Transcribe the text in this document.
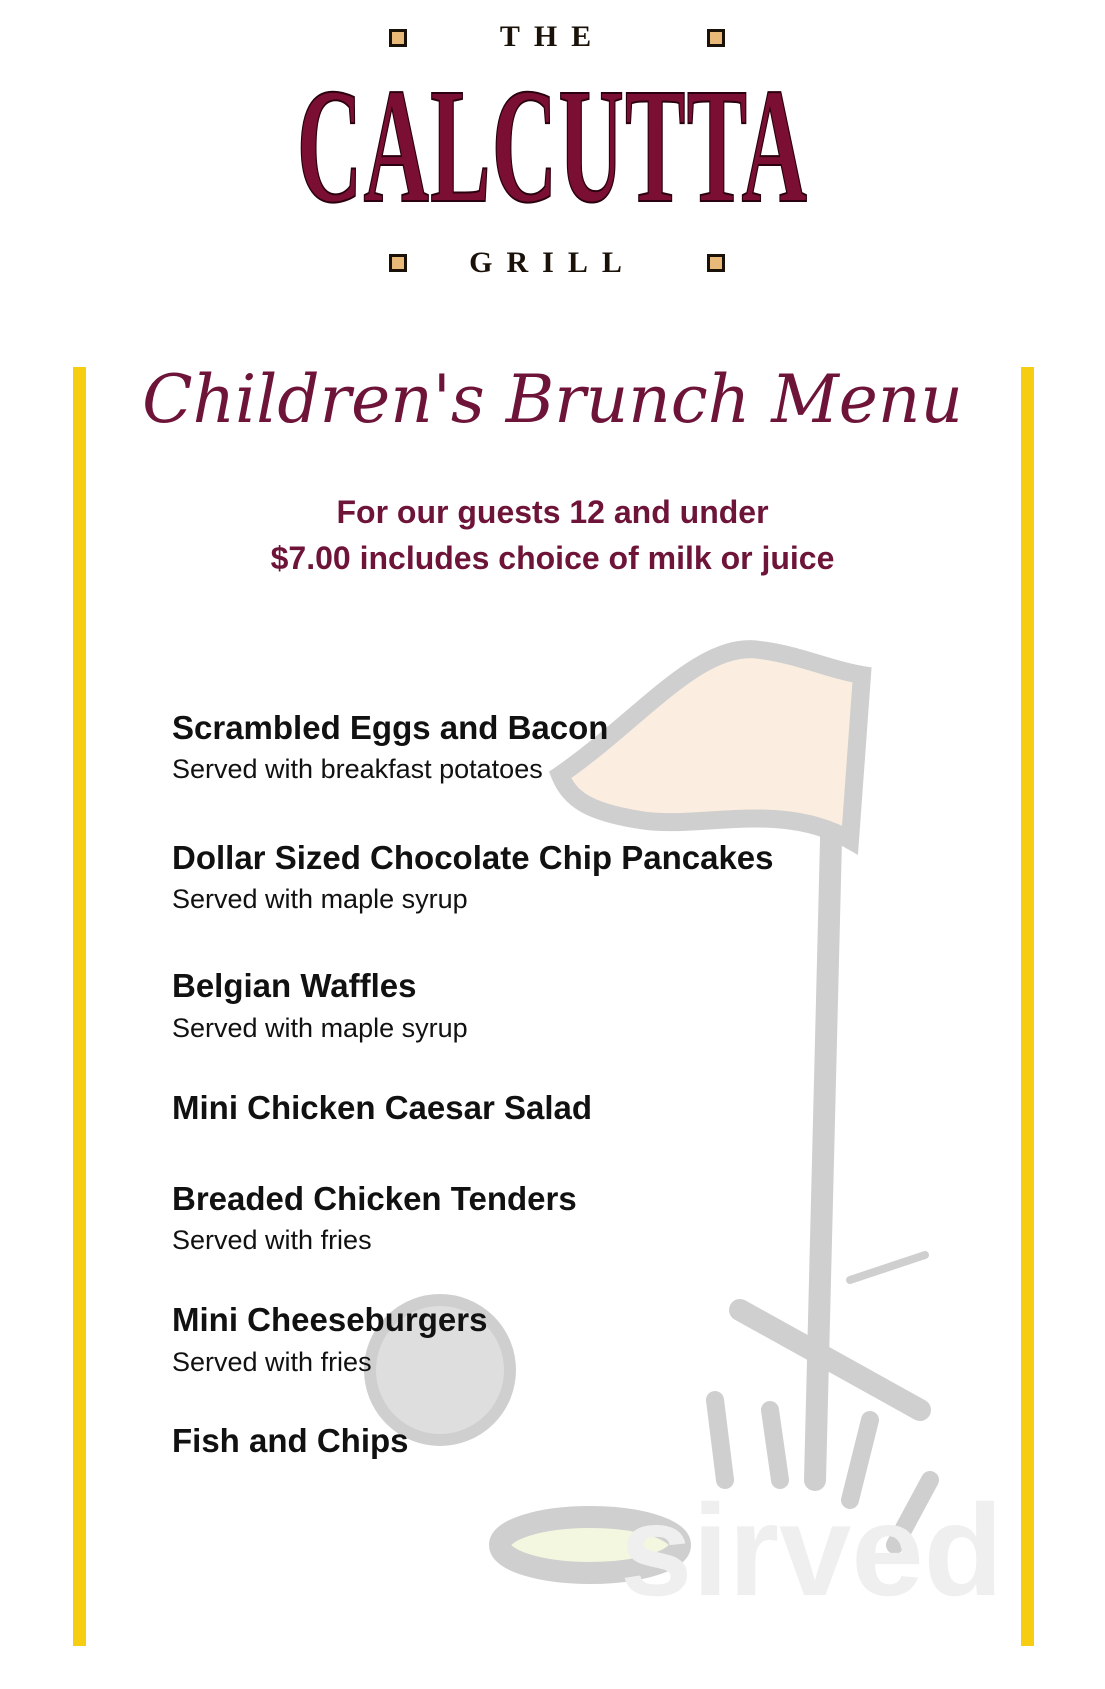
sirved
THE
CALCUTTA
GRILL
Children's Brunch Menu
For our guests 12 and under
$7.00 includes choice of milk or juice
Scrambled Eggs and Bacon
Served with breakfast potatoes
Dollar Sized Chocolate Chip Pancakes
Served with maple syrup
Belgian Waffles
Served with maple syrup
Mini Chicken Caesar Salad
Breaded Chicken Tenders
Served with fries
Mini Cheeseburgers
Served with fries
Fish and Chips
